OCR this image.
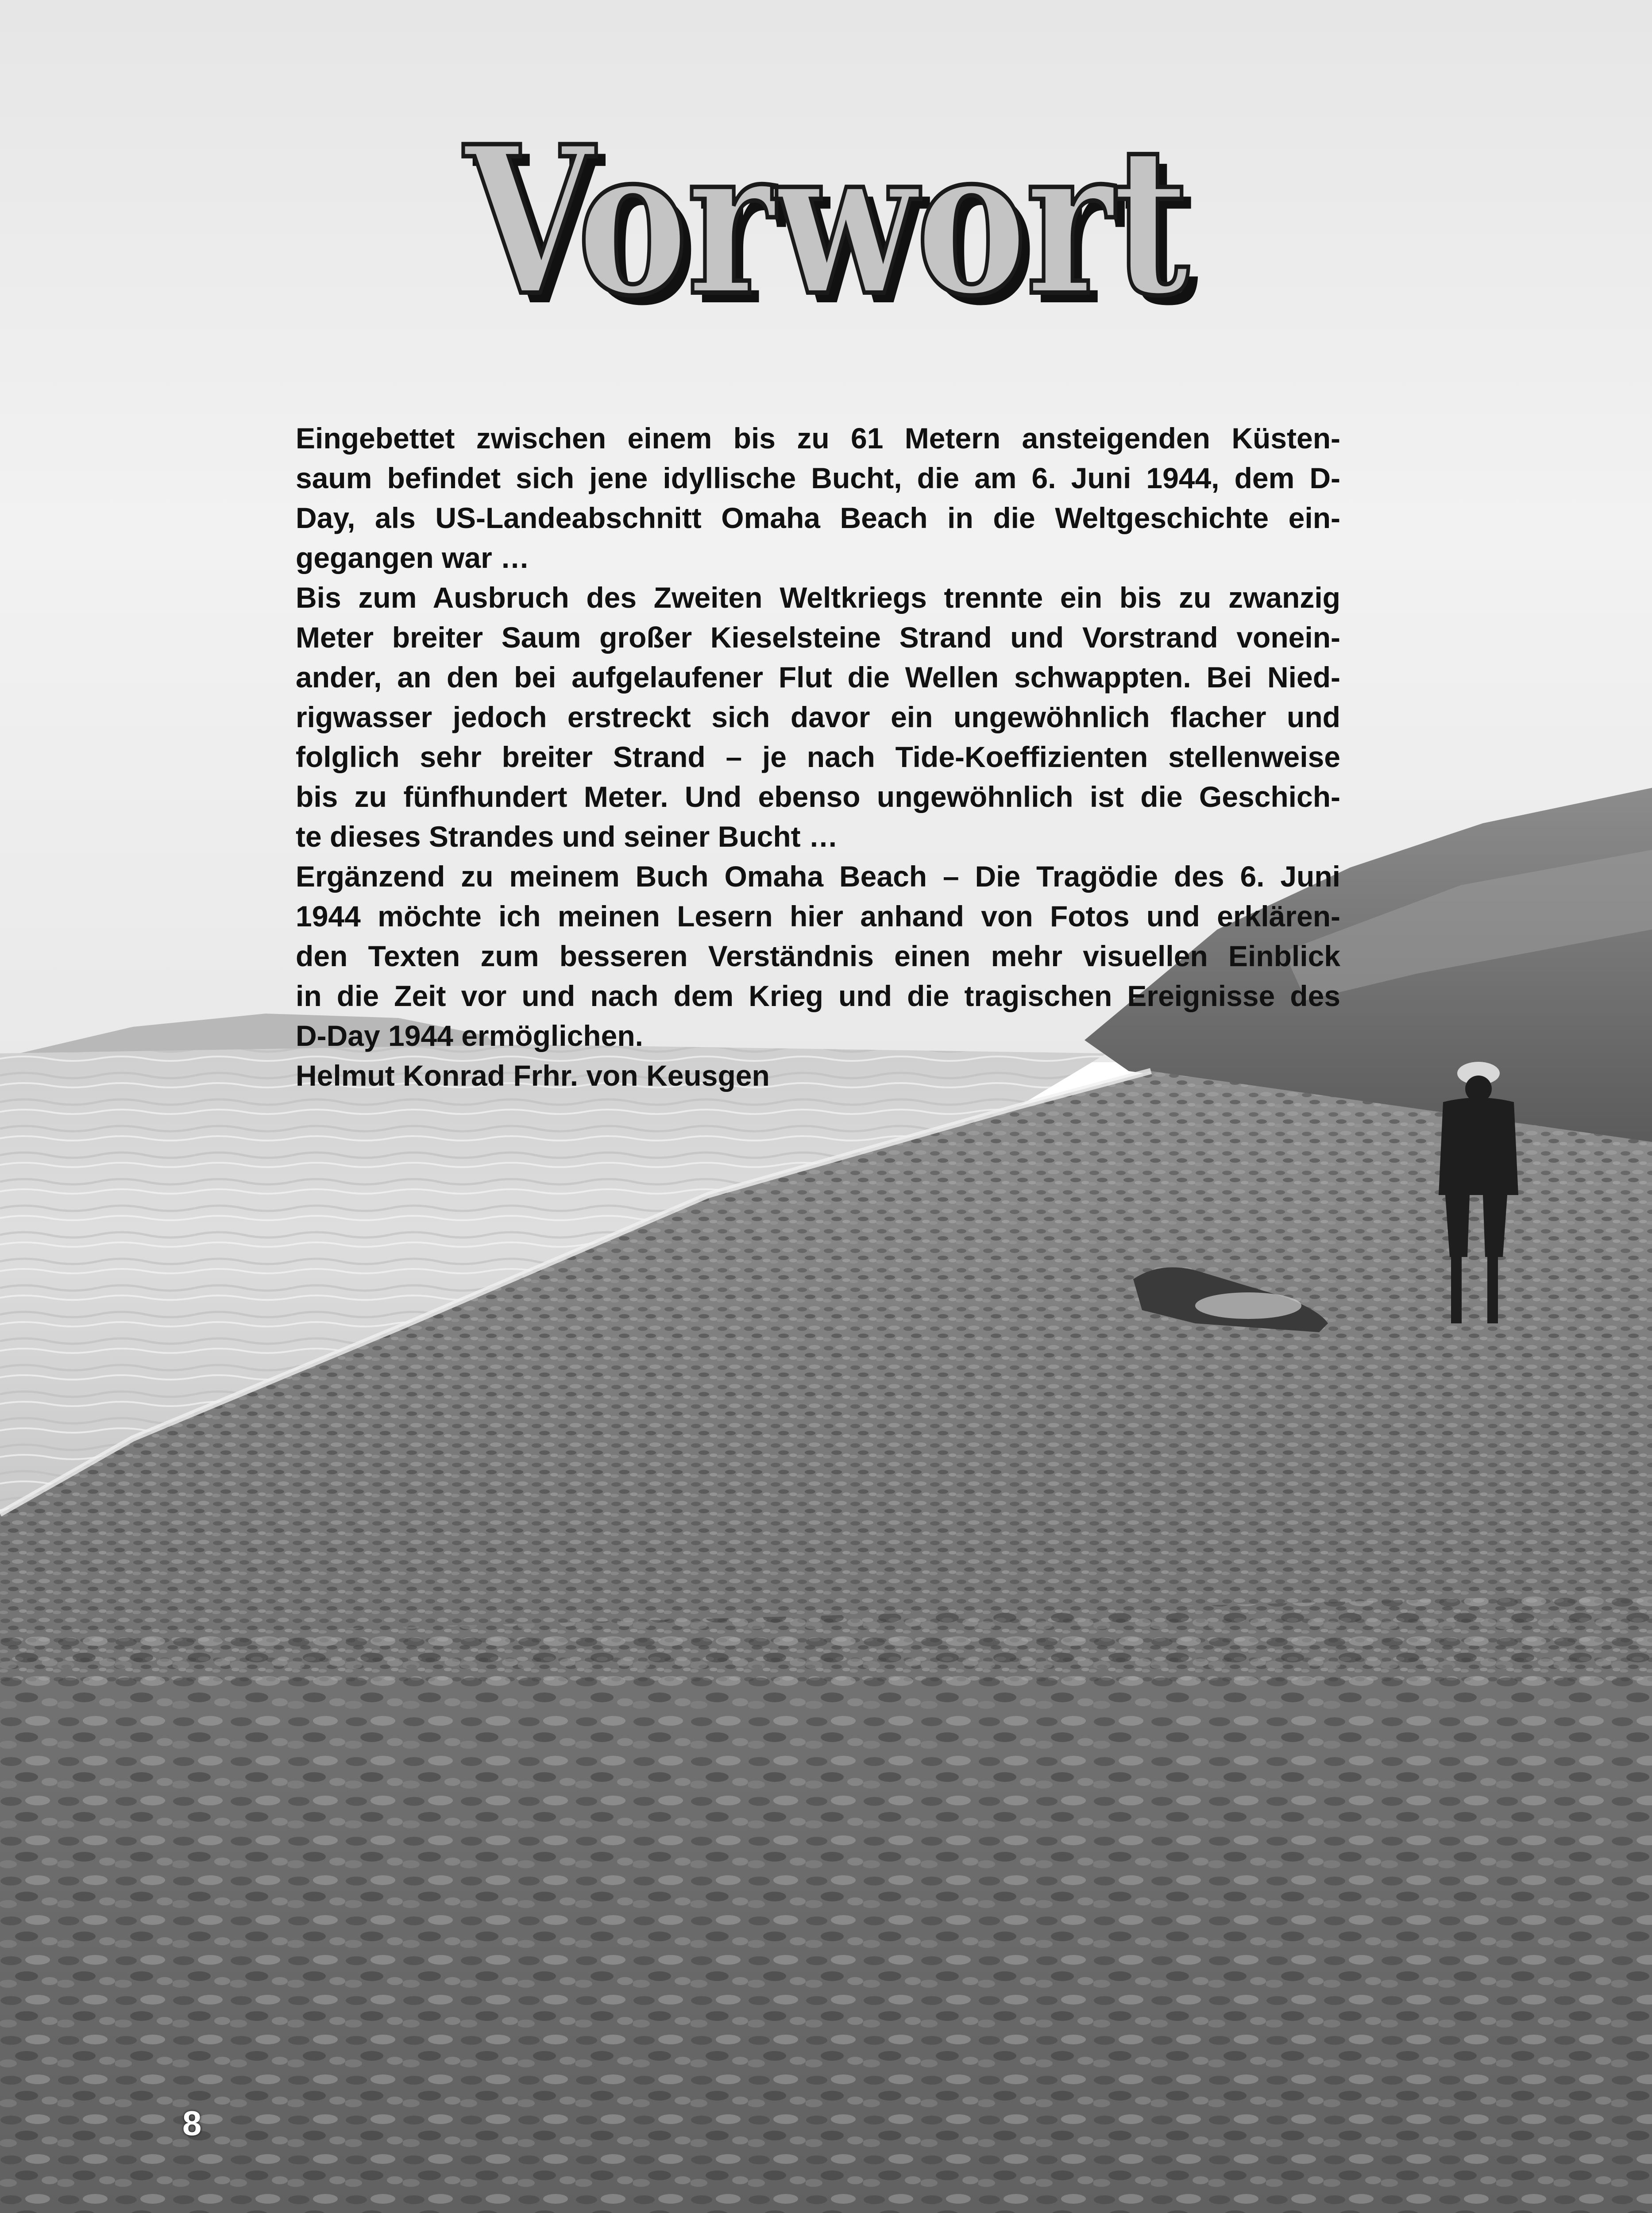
Vorwort
Eingebettet zwischen einem bis zu 61 Metern ansteigenden Küsten-
saum befindet sich jene idyllische Bucht, die am 6. Juni 1944, dem D-
Day, als US-Landeabschnitt Omaha Beach in die Weltgeschichte ein-
gegangen war …
Bis zum Ausbruch des Zweiten Weltkriegs trennte ein bis zu zwanzig
Meter breiter Saum großer Kieselsteine Strand und Vorstrand vonein-
ander, an den bei aufgelaufener Flut die Wellen schwappten. Bei Nied-
rigwasser jedoch erstreckt sich davor ein ungewöhnlich flacher und
folglich sehr breiter Strand – je nach Tide-Koeffizienten stellenweise
bis zu fünfhundert Meter. Und ebenso ungewöhnlich ist die Geschich-
te dieses Strandes und seiner Bucht …
Ergänzend zu meinem Buch Omaha Beach – Die Tragödie des 6. Juni
1944 möchte ich meinen Lesern hier anhand von Fotos und erklären-
den Texten zum besseren Verständnis einen mehr visuellen Einblick
in die Zeit vor und nach dem Krieg und die tragischen Ereignisse des
D-Day 1944 ermöglichen.
Helmut Konrad Frhr. von Keusgen
8
